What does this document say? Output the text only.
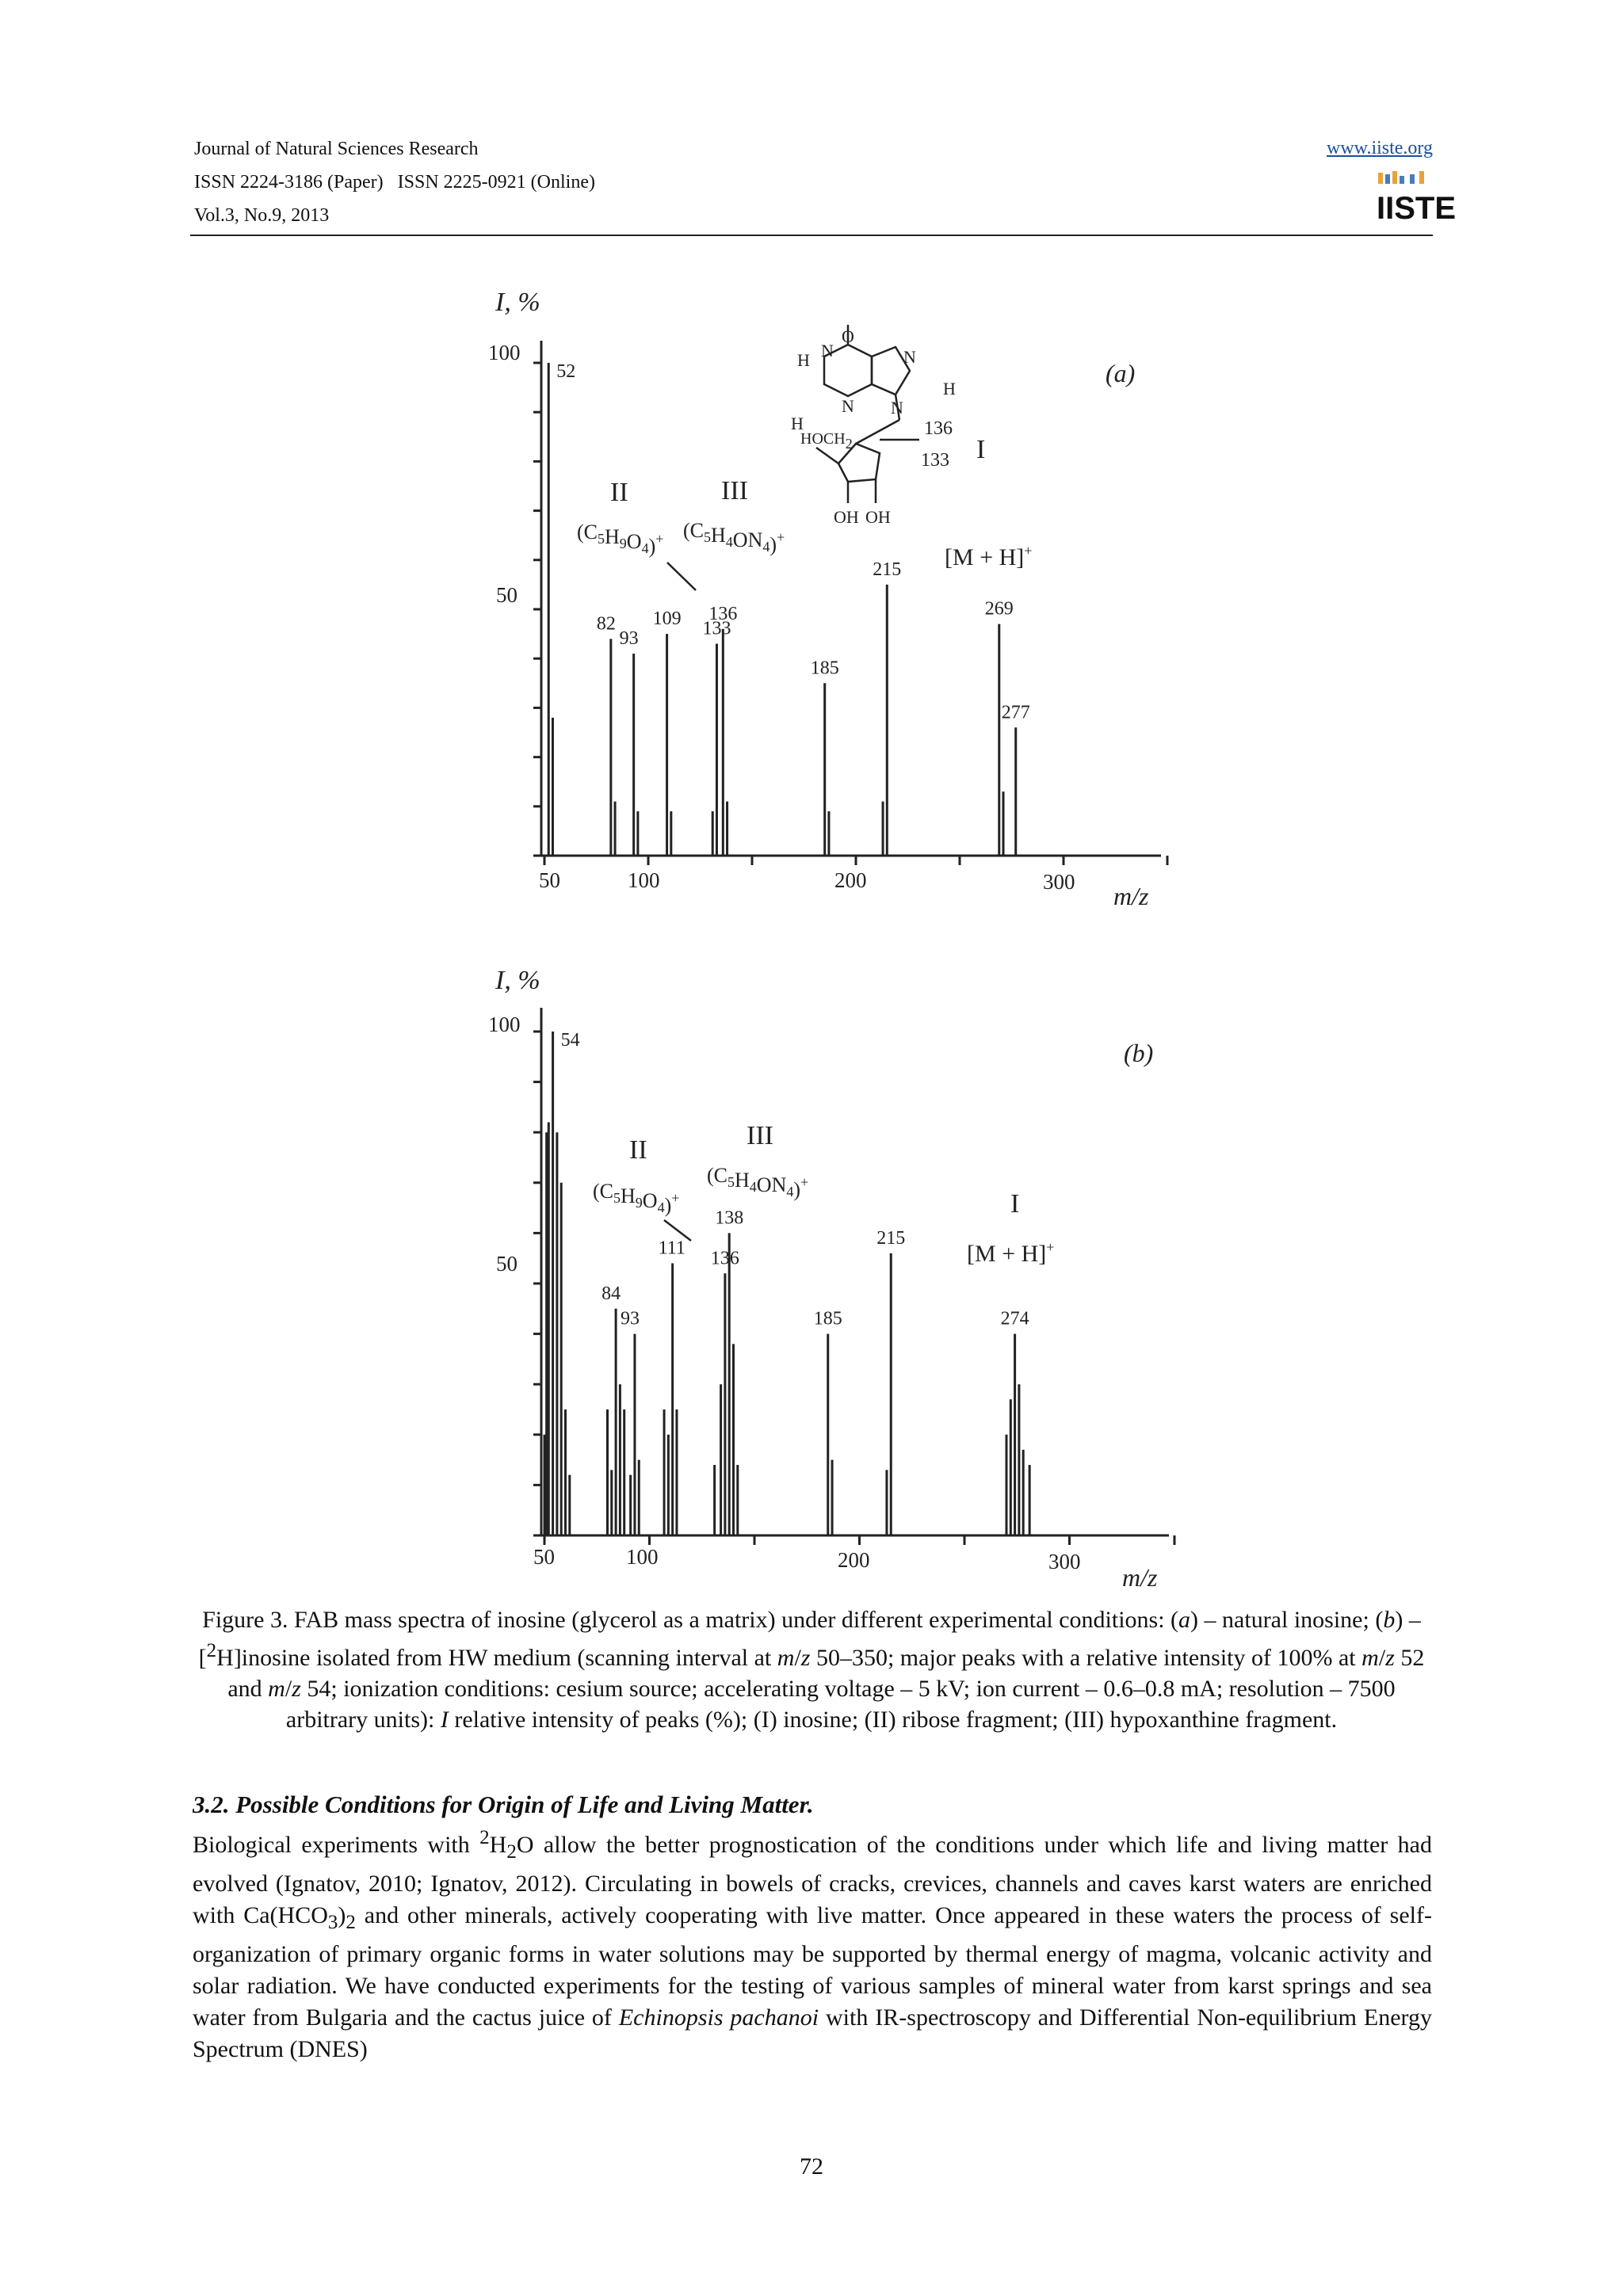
Journal of Natural Sciences Research
ISSN 2224-3186 (Paper)   ISSN 2225-0921 (Online)
Vol.3, No.9, 2013
www.iiste.org
IISTE
I, %
100
50
50	100	200	300 m/z
(a)
52
82
93
109 133
136
185
215
269
277
II
$(C_5H_9O_4)^+$
III
$(C_5H_4ON_4)^+$
I
[M + H]+
O
N
H
N
H
N
H
N
HOCH2
OH OH
136
133
I, %
100
50
50	100	200	300
m/z
(b)
54
84
93
111 136
138
185
215
274
II
$(C_5H_9O_4)^+$
III
$(C_5H_4ON_4)^+$
I
[M + H]+
Figure 3. FAB mass spectra of inosine (glycerol as a matrix) under different experimental conditions: (a) – natural inosine; (b) – [$^2$H]inosine isolated from HW medium (scanning interval at m/z 50–350; major peaks with a relative intensity of 100% at m/z 52 and m/z 54; ionization conditions: cesium source; accelerating voltage – 5 kV; ion current – 0.6–0.8 mA; resolution – 7500 arbitrary units): I relative intensity of peaks (%); (I) inosine; (II) ribose fragment; (III) hypoxanthine fragment.
3.2. Possible Conditions for Origin of Life and Living Matter.
Biological experiments with $^2H_2O$ allow the better prognostication of the conditions under which life and living matter had evolved (Ignatov, 2010; Ignatov, 2012). Circulating in bowels of cracks, crevices, channels and caves karst waters are enriched with $Ca(HCO_3)_2$ and other minerals, actively cooperating with live matter. Once appeared in these waters the process of self-organization of primary organic forms in water solutions may be supported by thermal energy of magma, volcanic activity and solar radiation. We have conducted experiments for the testing of various samples of mineral water from karst springs and sea water from Bulgaria and the cactus juice of Echinopsis pachanoi with IR-spectroscopy and Differential Non-equilibrium Energy Spectrum (DNES)
72
